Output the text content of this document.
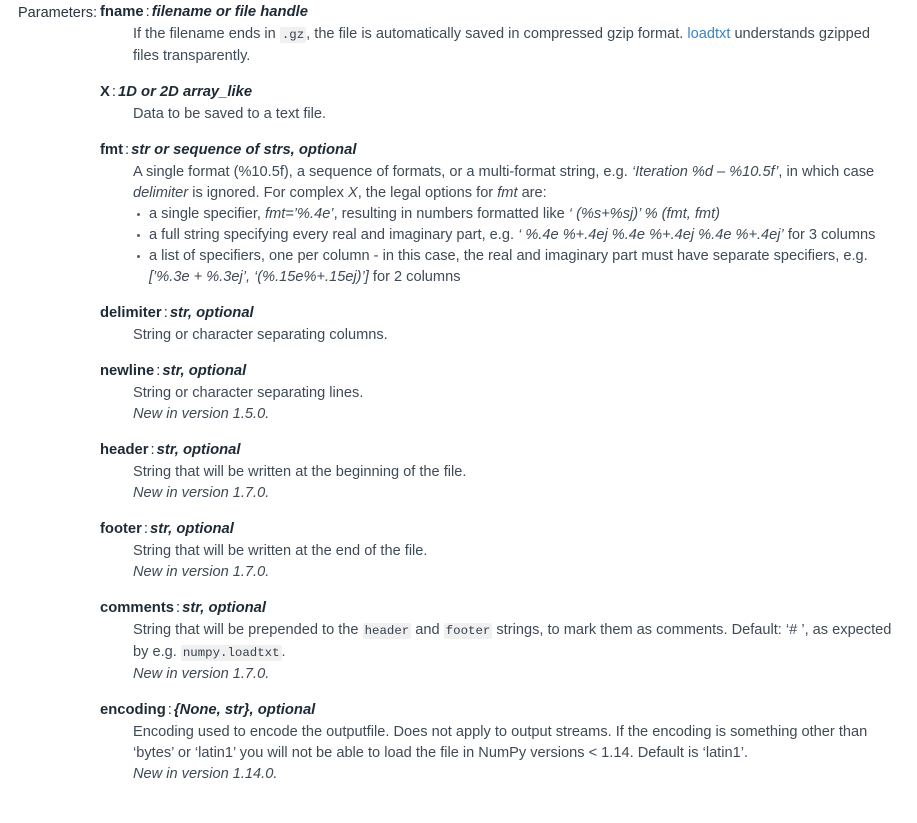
Parameters: fname : filename or file handle

If the filename ends in .gz , the file is automatically saved in compressed gzip format. loadtxt understands gzipped files transparently.

X : 1D or 2D array_like

Data to be saved to a text file.

fmt : str or sequence of strs, optional

A single format (%10.5f), a sequence of formats, or a multi-format string, e.g. ‘Iteration %d – %10.5f’, in which case delimiter is ignored. For complex X, the legal options for fmt are:

a single specifier, fmt=’%.4e’, resulting in numbers formatted like ‘ (%s+%sj)’ % (fmt, fmt)
a full string specifying every real and imaginary part, e.g. ‘ %.4e %+.4ej %.4e %+.4ej %.4e %+.4ej’ for 3 columns
a list of specifiers, one per column - in this case, the real and imaginary part must have separate specifiers, e.g. [’%.3e + %.3ej’, ‘(%.15e%+.15ej)’] for 2 columns
delimiter : str, optional

String or character separating columns.

newline : str, optional

String or character separating lines.

New in version 1.5.0.

header : str, optional

String that will be written at the beginning of the file.

New in version 1.7.0.

footer : str, optional

String that will be written at the end of the file.

New in version 1.7.0.

comments : str, optional

String that will be prepended to the header and footer strings, to mark them as comments. Default: ‘# ’, as expected by e.g. numpy.loadtxt .

New in version 1.7.0.

encoding : {None, str}, optional

Encoding used to encode the outputfile. Does not apply to output streams. If the encoding is something other than ‘bytes’ or ‘latin1’ you will not be able to load the file in NumPy versions < 1.14. Default is ‘latin1’.

New in version 1.14.0.
